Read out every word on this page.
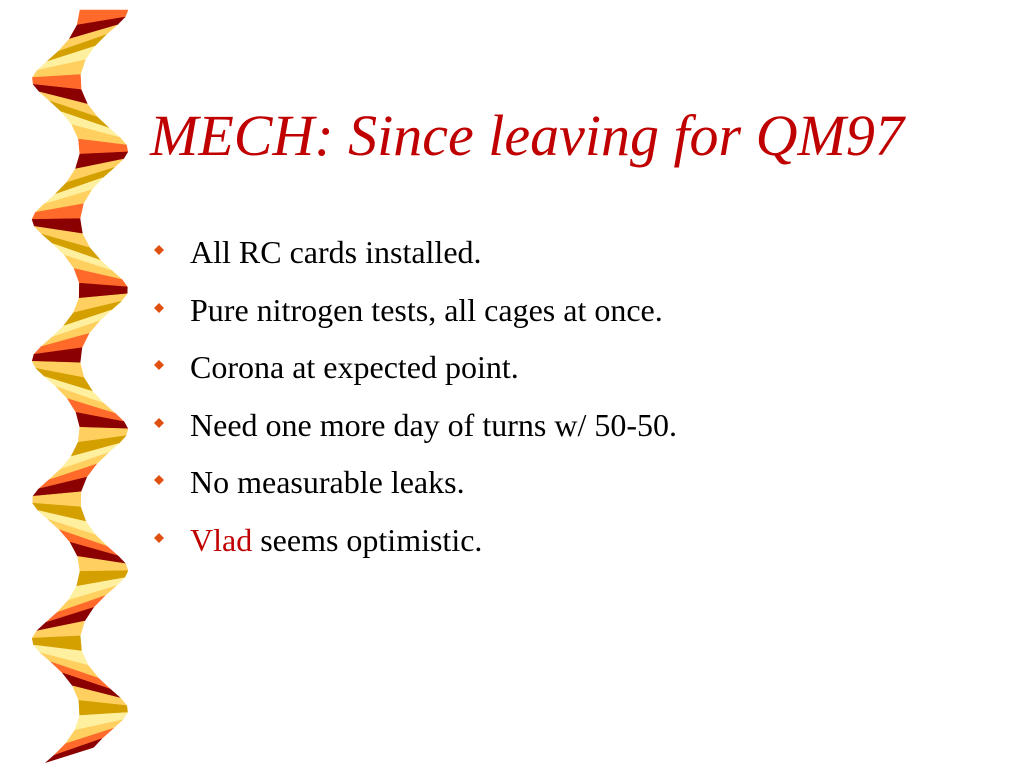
MECH: Since leaving for QM97
All RC cards installed.
Pure nitrogen tests, all cages at once.
Corona at expected point.
Need one more day of turns w/ 50-50.
No measurable leaks.
Vlad seems optimistic.
